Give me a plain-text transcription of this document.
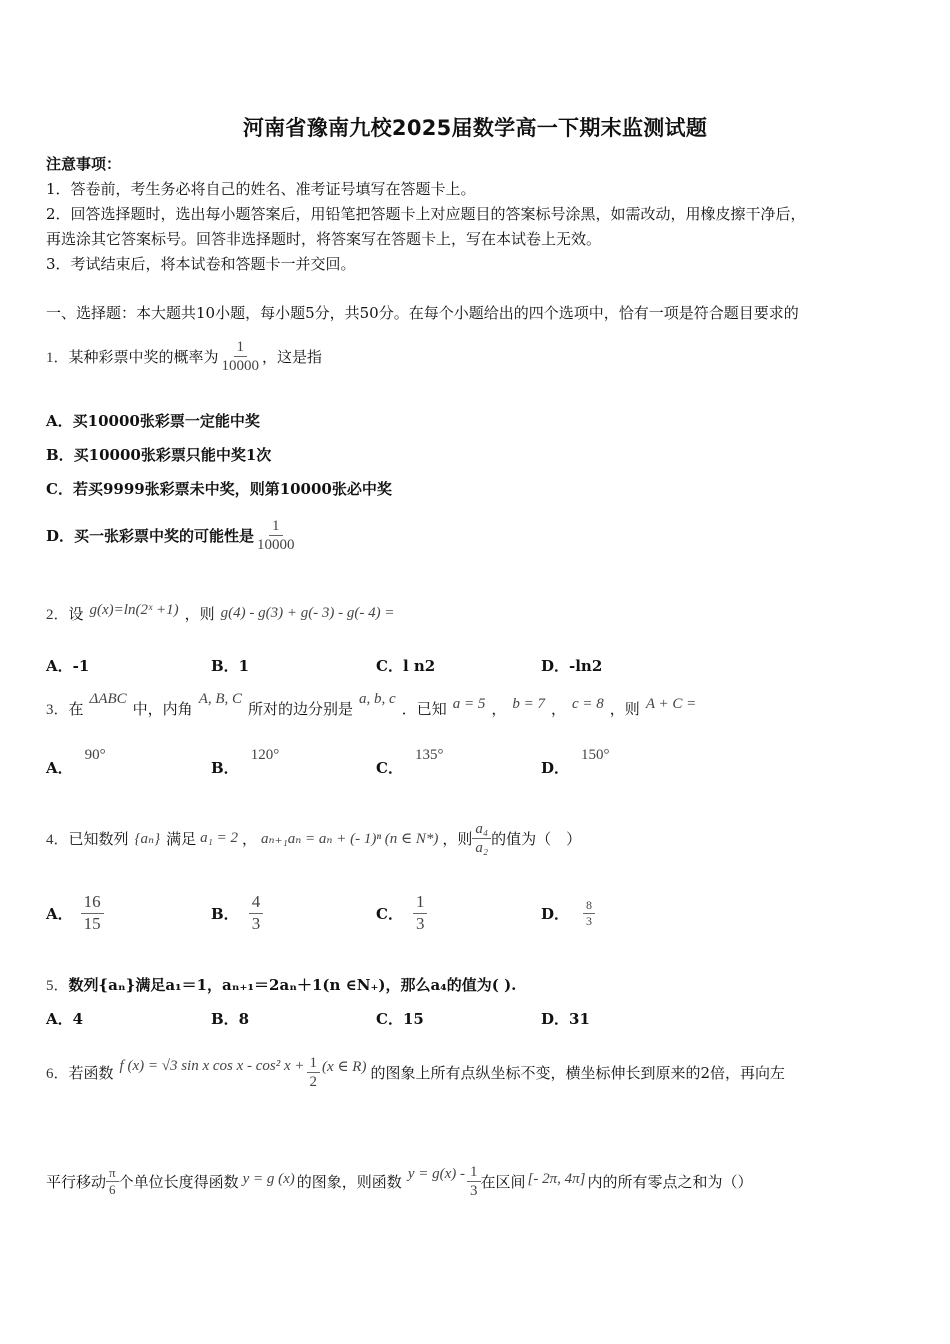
河南省豫南九校2025届数学高一下期末监测试题
注意事项：
1．答卷前，考生务必将自己的姓名、准考证号填写在答题卡上。
2．回答选择题时，选出每小题答案后，用铅笔把答题卡上对应题目的答案标号涂黑，如需改动，用橡皮擦干净后，
再选涂其它答案标号。回答非选择题时，将答案写在答题卡上，写在本试卷上无效。
3．考试结束后，将本试卷和答题卡一并交回。
一、选择题：本大题共10小题，每小题5分，共50分。在每个小题给出的四个选项中，恰有一项是符合题目要求的
1． 某种彩票中奖的概率为 $\frac{1}{10000}$ ，这是指
A．买10000张彩票一定能中奖
B．买10000张彩票只能中奖1次
C．若买9999张彩票未中奖，则第10000张必中奖
D．买一张彩票中奖的可能性是 $\frac{1}{10000}$
2． 设 g(x)=ln(2ˣ +1) ，则 g(4) - g(3) + g(- 3) - g(- 4) =
A．-1	B．1	C．l n2	D．-ln2
3． 在
ΔABC
中，内角
A, B, C
所对的边分别是
a, b, c
．已知 a = 5 ， b = 7 ， c = 8 ，则 A + C =
A．
90°
B．
120°
C．
135°
D．
150°
4． 已知数列 {aₙ} 满足 a₁ = 2 ， aₙ₊₁aₙ = aₙ + (- 1)ⁿ (n ∈ N*) ，则 $\frac{\text{a₄}}{\text{a₂}}$ 的值为（　）
A． $\frac{16}{15}$	B． $\frac{4}{3}$	C． $\frac{1}{3}$	D． $\frac{8}{3}$
5．数列{aₙ}满足a₁＝1，aₙ₊₁＝2aₙ＋1(n ∈N₊)，那么a₄的值为( ).
A．4	B．8	C．15	D．31
6． 若函数 f (x) = √3 sin x cos x - cos² $x + \frac{1}{2} (x$ ∈ R) 的图象上所有点纵坐标不变，横坐标伸长到原来的2倍，再向左
平行移动 $\frac{\pi}{6}$ 个单位长度得函数 y = g (x) 的图象，则函数 $y = g(x) - \frac{1}{3}$ 在区间 [- 2π, 4π] 内的所有零点之和为（）
